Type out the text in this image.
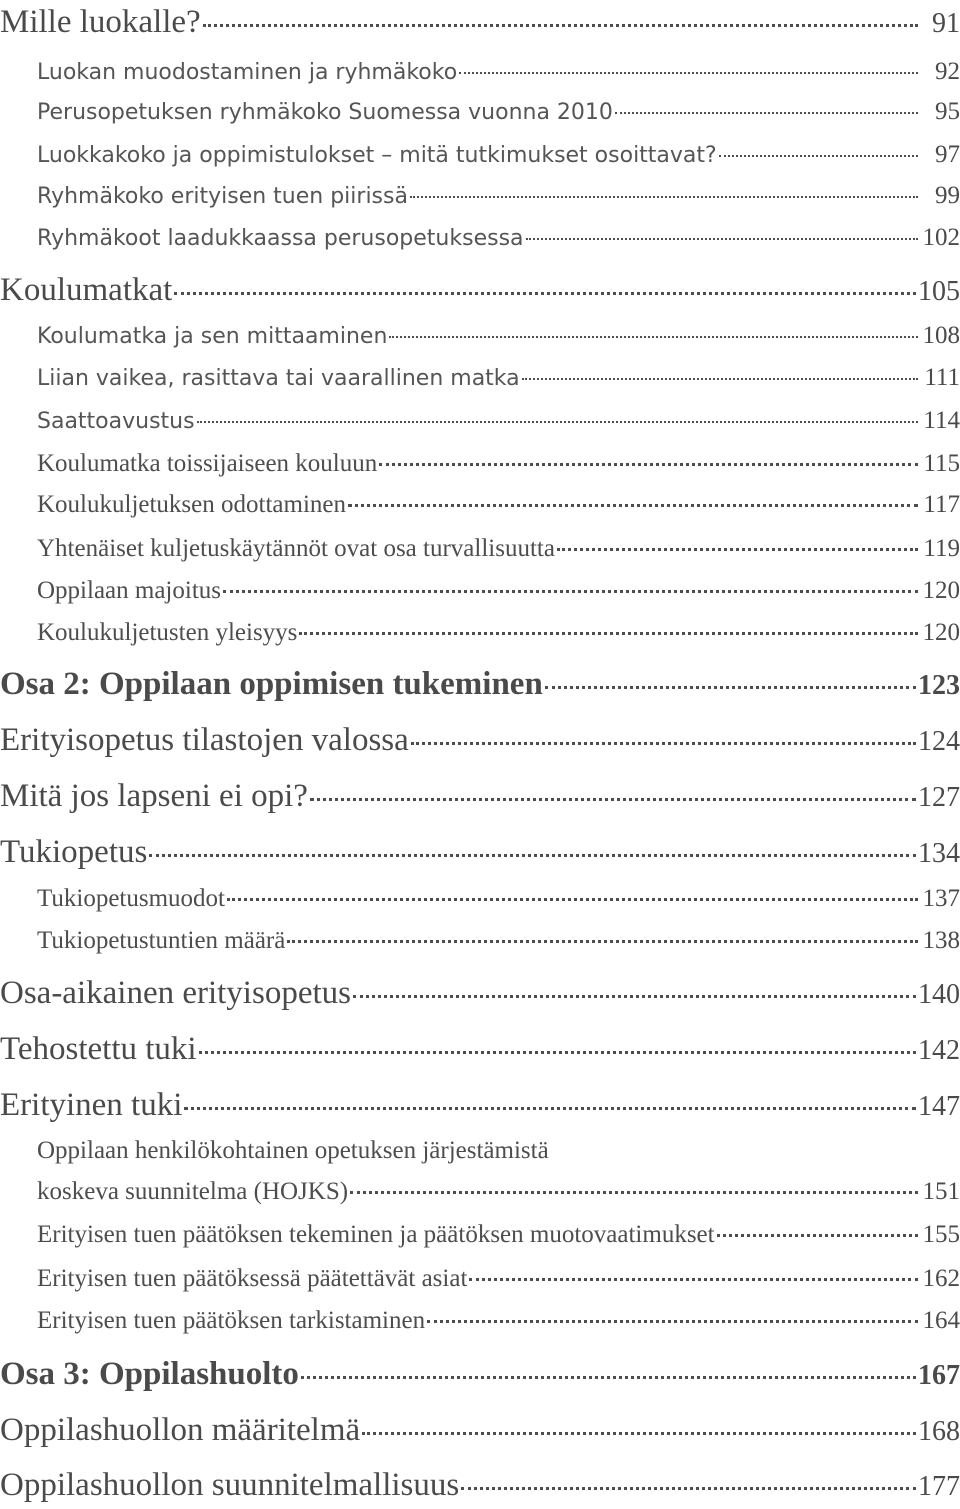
Mille luokalle?	91
Luokan muodostaminen ja ryhmäkoko	92
Perusopetuksen ryhmäkoko Suomessa vuonna 2010	95
Luokkakoko ja oppimistulokset – mitä tutkimukset osoittavat?	97
Ryhmäkoko erityisen tuen piirissä	99
Ryhmäkoot laadukkaassa perusopetuksessa	102
Koulumatkat	105
Koulumatka ja sen mittaaminen	108
Liian vaikea, rasittava tai vaarallinen matka	111
Saattoavustus	114
Koulumatka toissijaiseen kouluun	115
Koulukuljetuksen odottaminen	117
Yhtenäiset kuljetuskäytännöt ovat osa turvallisuutta	119
Oppilaan majoitus	120
Koulukuljetusten yleisyys	120
Osa 2: Oppilaan oppimisen tukeminen	123
Erityisopetus tilastojen valossa	124
Mitä jos lapseni ei opi?	127
Tukiopetus	134
Tukiopetusmuodot	137
Tukiopetustuntien määrä	138
Osa-aikainen erityisopetus	140
Tehostettu tuki	142
Erityinen tuki	147
Oppilaan henkilökohtainen opetuksen järjestämistä
koskeva suunnitelma (HOJKS)	151
Erityisen tuen päätöksen tekeminen ja päätöksen muotovaatimukset	155
Erityisen tuen päätöksessä päätettävät asiat	162
Erityisen tuen päätöksen tarkistaminen	164
Osa 3: Oppilashuolto	167
Oppilashuollon määritelmä	168
Oppilashuollon suunnitelmallisuus	177
